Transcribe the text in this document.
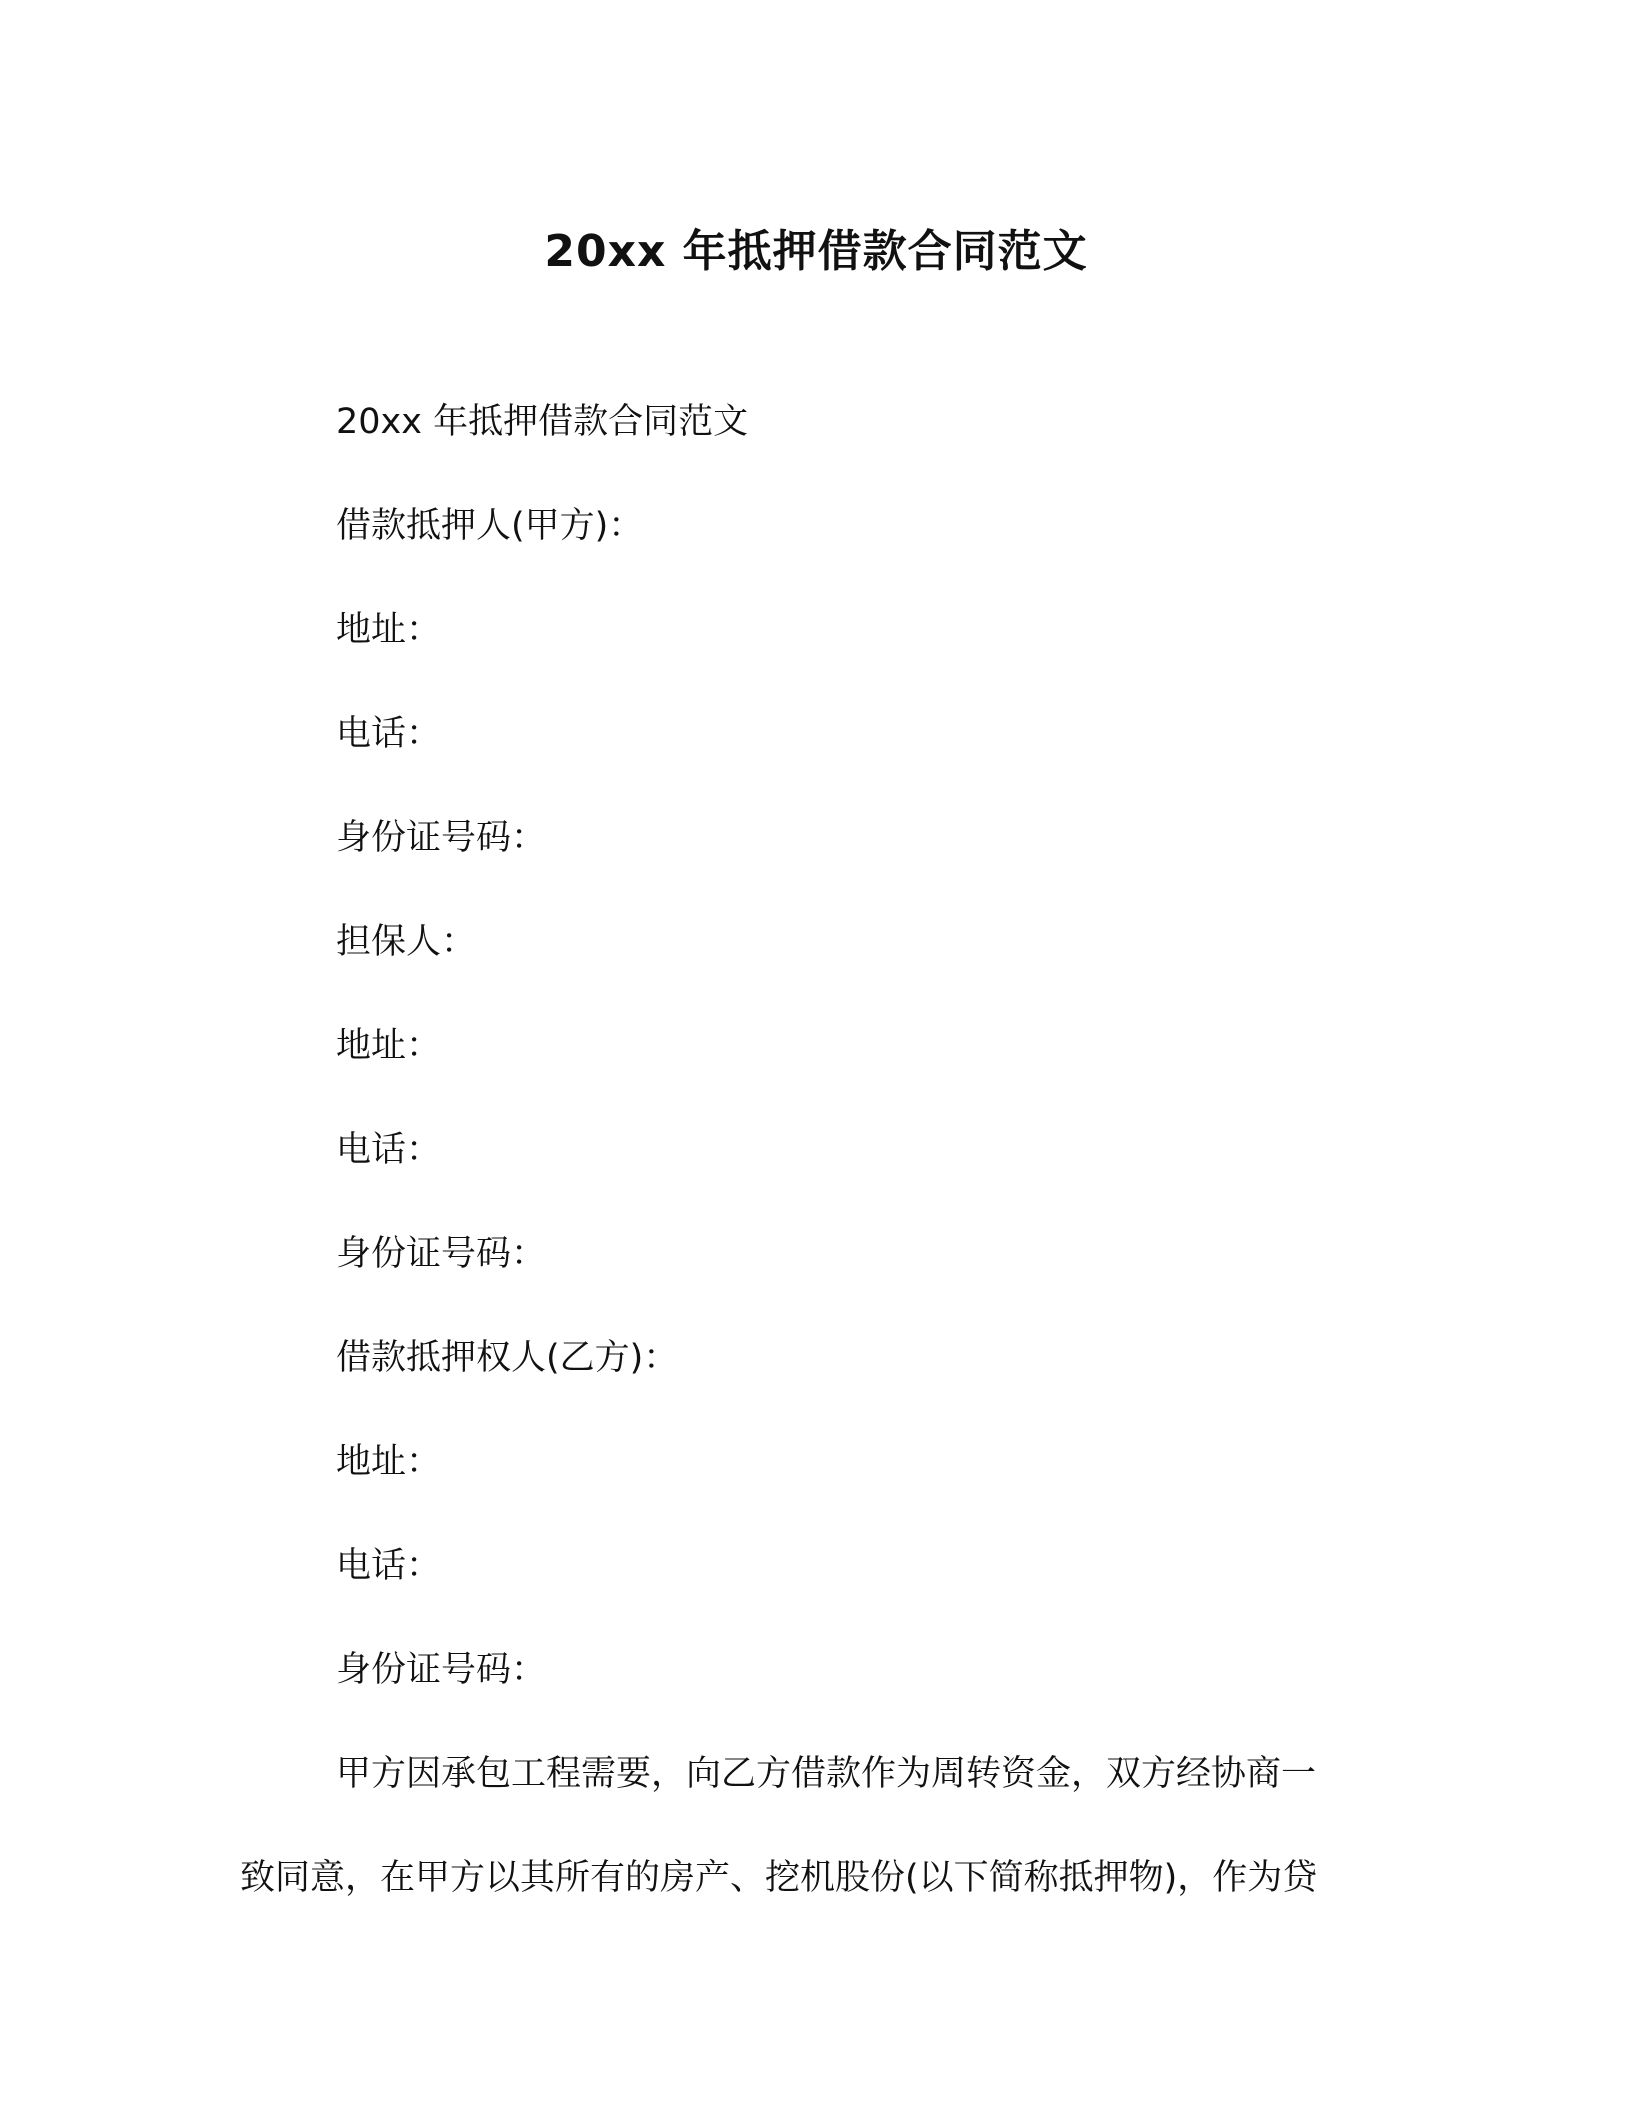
20xx 年抵押借款合同范文
20xx 年抵押借款合同范文
借款抵押人(甲方)：
地址：
电话：
身份证号码：
担保人：
地址：
电话：
身份证号码：
借款抵押权人(乙方)：
地址：
电话：
身份证号码：
甲方因承包工程需要，向乙方借款作为周转资金，双方经协商一
致同意，在甲方以其所有的房产、挖机股份(以下简称抵押物)，作为贷
